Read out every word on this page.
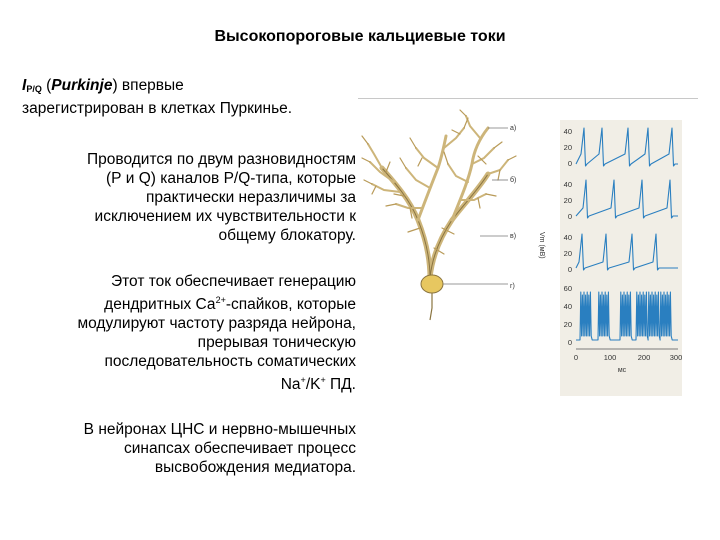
Высокопороговые кальциевые токи
$I_{P/Q}$ (Purkinje) впервые
зарегистрирован в клетках Пуркинье.
Проводится по двум разновидностям
(Р и Q) каналов Р/Q-типа, которые
практически неразличимы за
исключением их чувствительности к
общему блокатору.
Этот ток обеспечивает генерацию
дендритных $Са^{2+}$-спайков, которые
модулируют частоту разряда нейрона,
прерывая тоническую
последовательность соматических
Na+/K+ ПД.
В нейронах ЦНС и нервно-мышечных
синапсах обеспечивает процесс
высвобождения медиатора.
а)
б)
в)
г)
40
20
0
40
20
0
40
20
0
60
40
20
0
Vm (мВ)
0	100	200	300
мс
